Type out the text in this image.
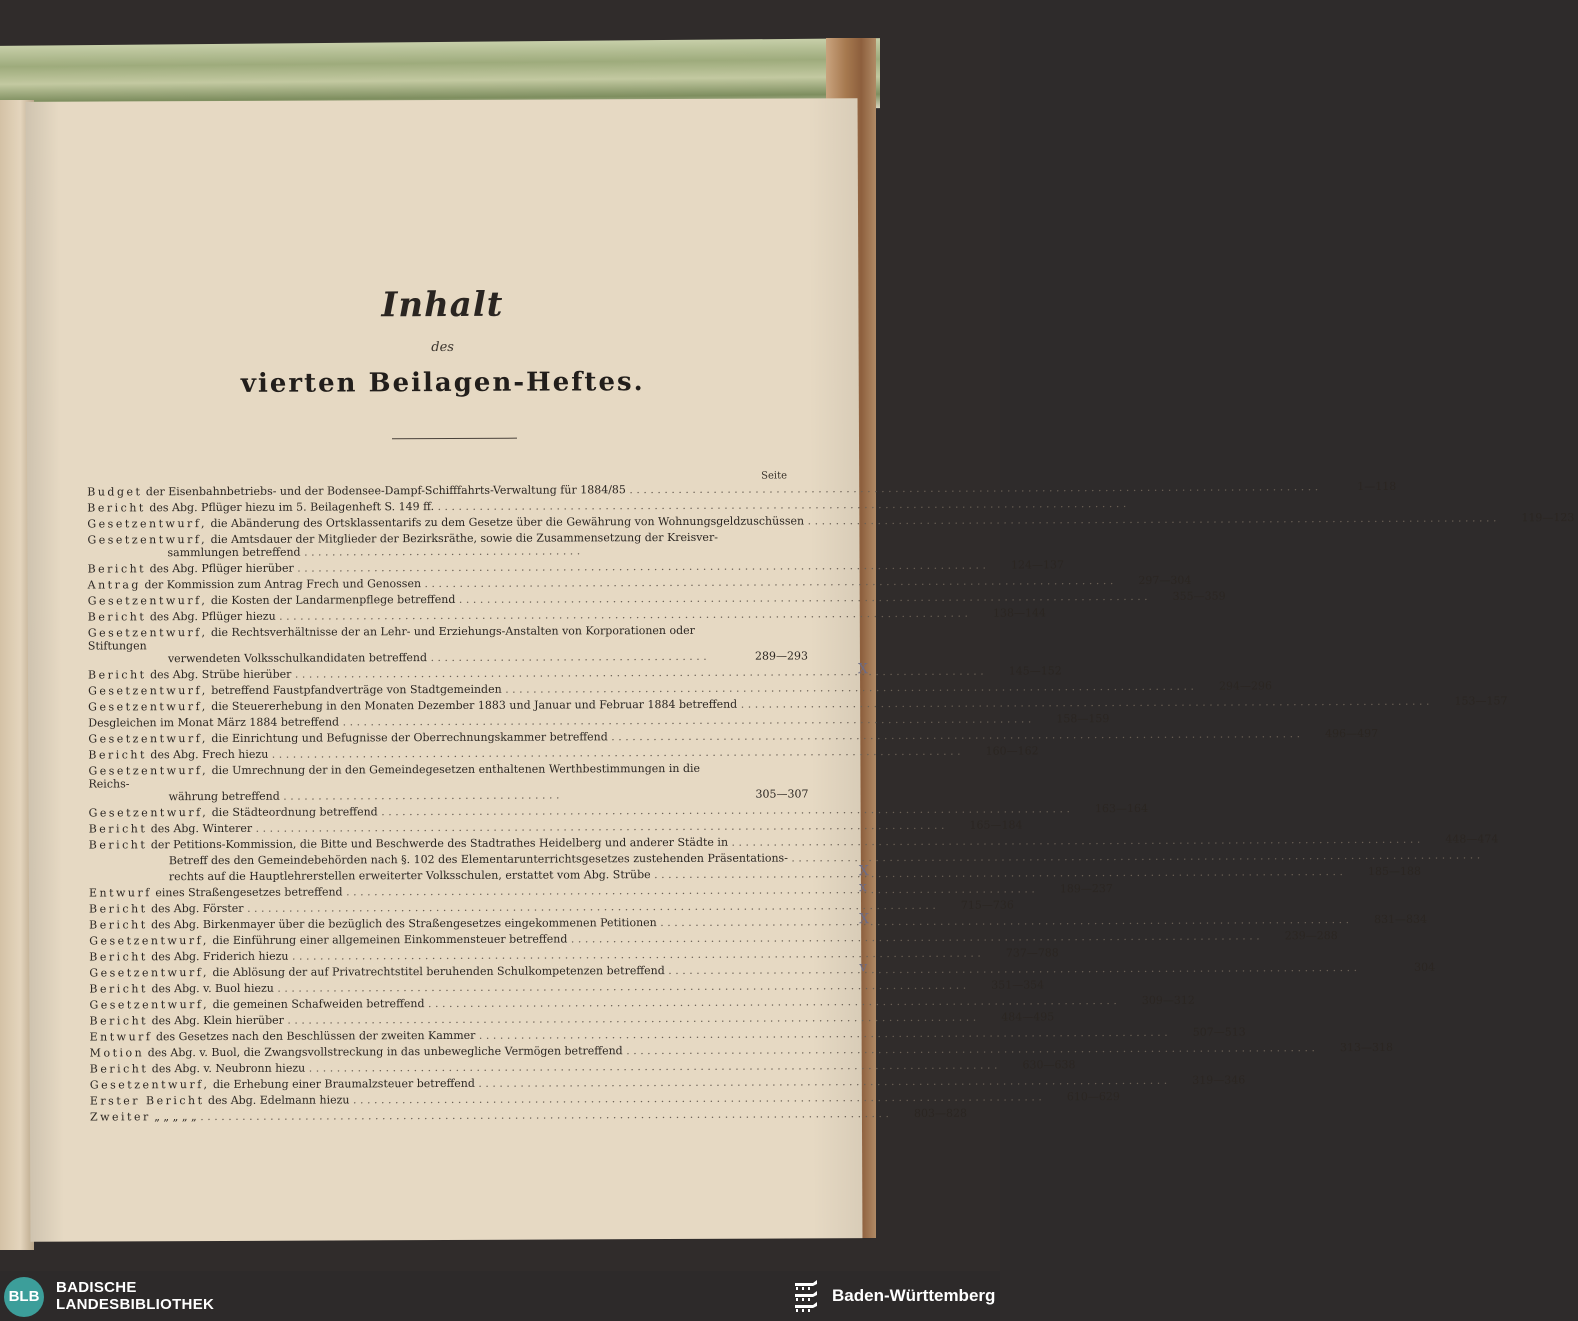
Inhalt
des
vierten Beilagen-Heftes.
Seite
Budget der Eisenbahnbetriebs- und der Bodensee-Dampf-Schifffahrts-Verwaltung für 1884/85 . . .	1—118
Bericht des Abg. Pflüger hiezu im 5. Beilagenheft S. 149 ff. . . .
Gesetzentwurf, die Abänderung des Ortsklassentarifs zu dem Gesetze über die Gewährung von Wohnungsgeldzuschüssen . . .	119—123
Gesetzentwurf, die Amtsdauer der Mitglieder der Bezirksräthe, sowie die Zusammensetzung der Kreisver-
sammlungen betreffend . . .
Bericht des Abg. Pflüger hierüber . . .	124—137
Antrag der Kommission zum Antrag Frech und Genossen . . .	297—304
Gesetzentwurf, die Kosten der Landarmenpflege betreffend . . .	355—359
Bericht des Abg. Pflüger hiezu . . .	138—144
Gesetzentwurf, die Rechtsverhältnisse der an Lehr- und Erziehungs-Anstalten von Korporationen oder Stiftungen
verwendeten Volksschulkandidaten betreffend . . .	289—293
Bericht des Abg. Strübe hierüber . . .	145—152
X
Gesetzentwurf, betreffend Faustpfandverträge von Stadtgemeinden . . .	294—296
Gesetzentwurf, die Steuererhebung in den Monaten Dezember 1883 und Januar und Februar 1884 betreffend . . .	153—157
Desgleichen im Monat März 1884 betreffend . . .	158—159
Gesetzentwurf, die Einrichtung und Befugnisse der Oberrechnungskammer betreffend . . .	496—497
Bericht des Abg. Frech hiezu . . .	160—162
Gesetzentwurf, die Umrechnung der in den Gemeindegesetzen enthaltenen Werthbestimmungen in die Reichs-
währung betreffend . . .	305—307
Gesetzentwurf, die Städteordnung betreffend . . .	163—164
Bericht des Abg. Winterer . . .	165—184
Bericht der Petitions-Kommission, die Bitte und Beschwerde des Stadtrathes Heidelberg und anderer Städte in . . .	448—474
Betreff des den Gemeindebehörden nach §. 102 des Elementarunterrichtsgesetzes zustehenden Präsentations- . . .
rechts auf die Hauptlehrerstellen erweiterter Volksschulen, erstattet vom Abg. Strübe . . .	185—188
X
Entwurf eines Straßengesetzes betreffend . . .	189—237
x
Bericht des Abg. Förster . . .	715—736
Bericht des Abg. Birkenmayer über die bezüglich des Straßengesetzes eingekommenen Petitionen . . .	831—834
X
Gesetzentwurf, die Einführung einer allgemeinen Einkommensteuer betreffend . . .	239—288
Bericht des Abg. Friderich hiezu . . .	737—788
Gesetzentwurf, die Ablösung der auf Privatrechtstitel beruhenden Schulkompetenzen betreffend . . .	304
v
Bericht des Abg. v. Buol hiezu . . .	351—354
Gesetzentwurf, die gemeinen Schafweiden betreffend . . .	309—312
Bericht des Abg. Klein hierüber . . .	484—495
Entwurf des Gesetzes nach den Beschlüssen der zweiten Kammer . . .	507—513
Motion des Abg. v. Buol, die Zwangsvollstreckung in das unbewegliche Vermögen betreffend . . .	313—318
Bericht des Abg. v. Neubronn hiezu . . .	630—638
Gesetzentwurf, die Erhebung einer Braumalzsteuer betreffend . . .	319—346
Erster Bericht des Abg. Edelmann hiezu . . .	610—629
Zweiter „ „ „ „ „ . . .	803—828
BLB
BADISCHE
LANDESBIBLIOTHEK	Baden-Württemberg
